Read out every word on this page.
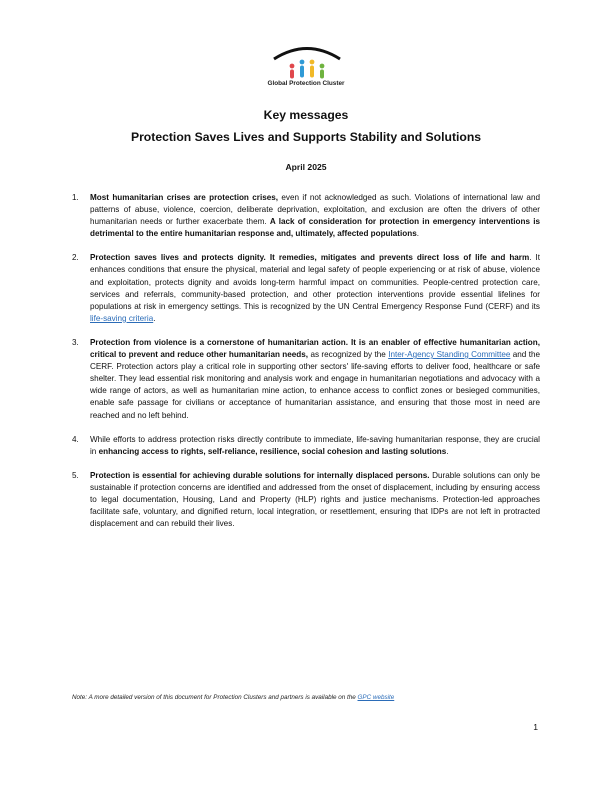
Global Protection Cluster
Key messages
Protection Saves Lives and Supports Stability and Solutions
April 2025
1. Most humanitarian crises are protection crises, even if not acknowledged as such. Violations of international law and patterns of abuse, violence, coercion, deliberate deprivation, exploitation, and exclusion are often the drivers of other humanitarian needs or further exacerbate them. A lack of consideration for protection in emergency interventions is detrimental to the entire humanitarian response and, ultimately, affected populations.
2. Protection saves lives and protects dignity. It remedies, mitigates and prevents direct loss of life and harm. It enhances conditions that ensure the physical, material and legal safety of people experiencing or at risk of abuse, violence and exploitation, protects dignity and avoids long-term harmful impact on communities. People-centred protection care, services and referrals, community-based protection, and other protection interventions provide essential lifelines for populations at risk in emergency settings. This is recognized by the UN Central Emergency Response Fund (CERF) and its life-saving criteria.
3. Protection from violence is a cornerstone of humanitarian action. It is an enabler of effective humanitarian action, critical to prevent and reduce other humanitarian needs, as recognized by the Inter-Agency Standing Committee and the CERF. Protection actors play a critical role in supporting other sectors' life-saving efforts to deliver food, healthcare or safe shelter. They lead essential risk monitoring and analysis work and engage in humanitarian negotiations and advocacy with a wide range of actors, as well as humanitarian mine action, to enhance access to conflict zones or besieged communities, enable safe passage for civilians or acceptance of humanitarian assistance, and ensuring that those most in need are reached and no left behind.
4. While efforts to address protection risks directly contribute to immediate, life-saving humanitarian response, they are crucial in enhancing access to rights, self-reliance, resilience, social cohesion and lasting solutions.
5. Protection is essential for achieving durable solutions for internally displaced persons. Durable solutions can only be sustainable if protection concerns are identified and addressed from the onset of displacement, including by ensuring access to legal documentation, Housing, Land and Property (HLP) rights and justice mechanisms. Protection-led approaches facilitate safe, voluntary, and dignified return, local integration, or resettlement, ensuring that IDPs are not left in protracted displacement and can rebuild their lives.
Note: A more detailed version of this document for Protection Clusters and partners is available on the GPC website
1
